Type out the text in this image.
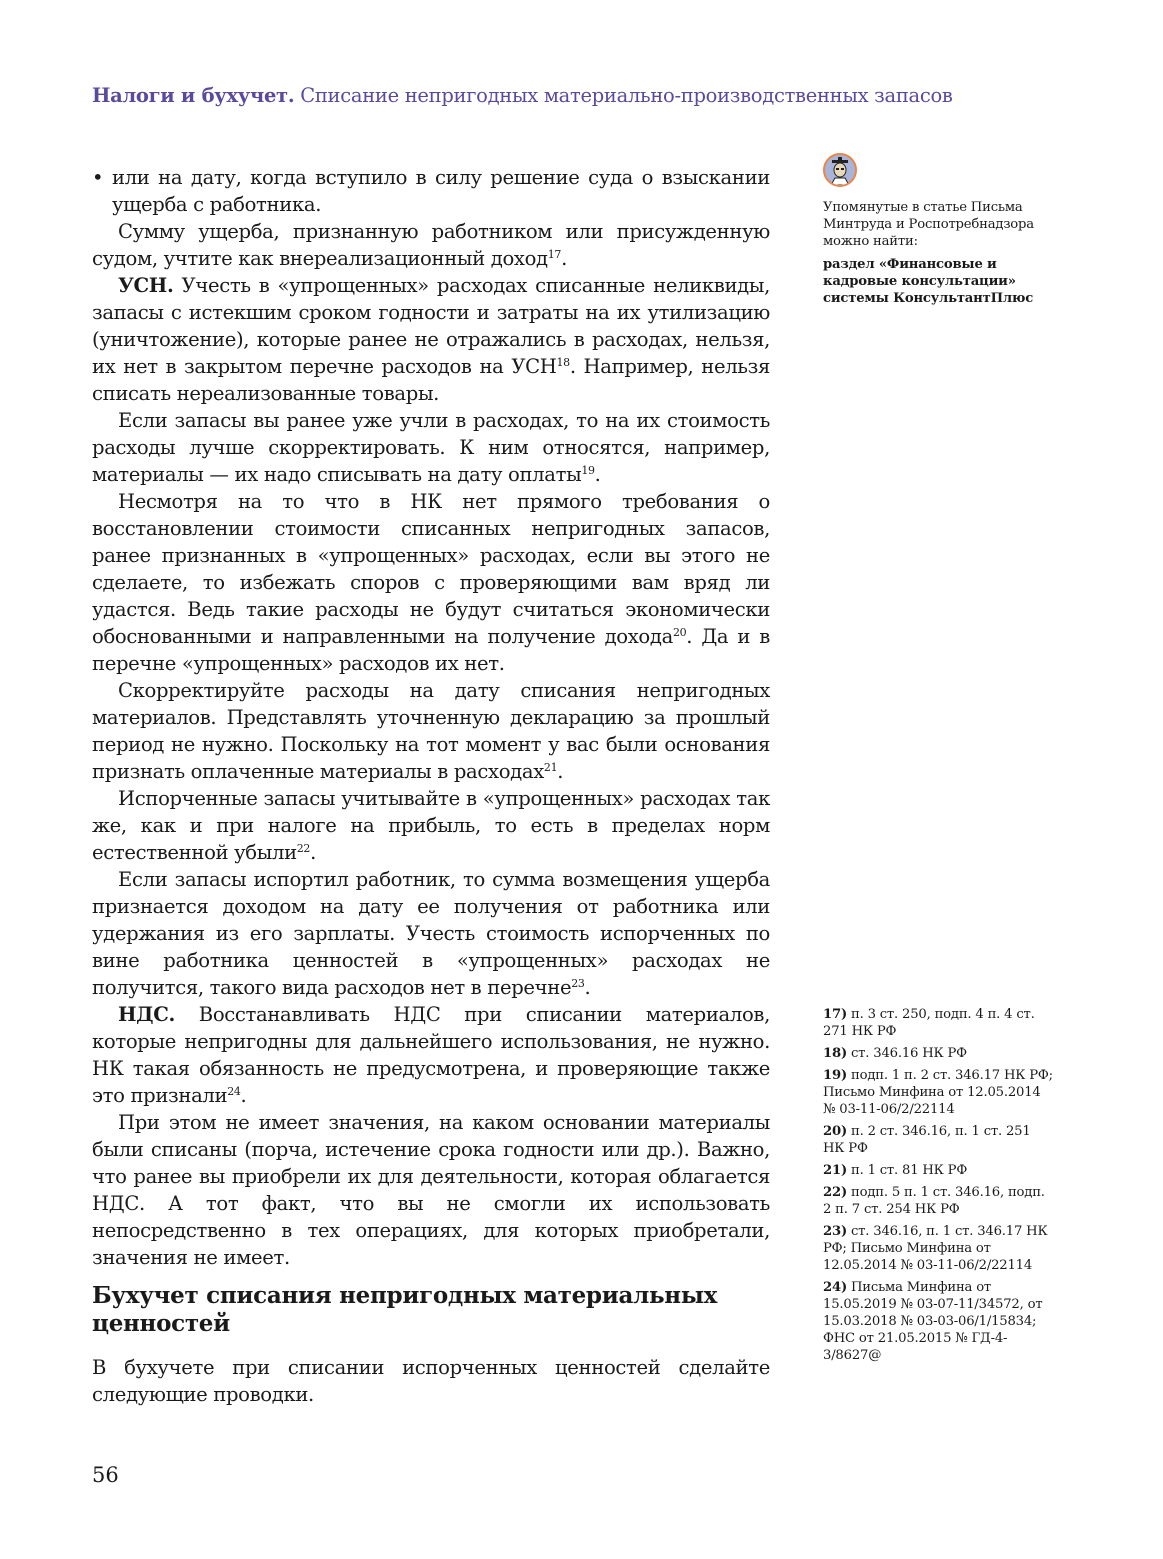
Налоги и бухучет. Списание непригодных материально-производственных запасов

• или на дату, когда вступило в силу решение суда о взыскании ущерба с работника.

Сумму ущерба, признанную работником или присужденную судом, учтите как внереализационный доход$^{17}$.

УСН. Учесть в «упрощенных» расходах списанные неликвиды, запасы с истекшим сроком годности и затраты на их утилизацию (уничтожение), которые ранее не отражались в расходах, нельзя, их нет в закрытом перечне расходов на УСН$^{18}$. Например, нельзя списать нереализованные товары.

Если запасы вы ранее уже учли в расходах, то на их стоимость расходы лучше скорректировать. К ним относятся, например, материалы — их надо списывать на дату оплаты$^{19}$.

Несмотря на то что в НК нет прямого требования о восстановлении стоимости списанных непригодных запасов, ранее признанных в «упрощенных» расходах, если вы этого не сделаете, то избежать споров с проверяющими вам вряд ли удастся. Ведь такие расходы не будут считаться экономически обоснованными и направленными на получение дохода$^{20}$. Да и в перечне «упрощенных» расходов их нет.

Скорректируйте расходы на дату списания непригодных материалов. Представлять уточненную декларацию за прошлый период не нужно. Поскольку на тот момент у вас были основания признать оплаченные материалы в расходах$^{21}$.

Испорченные запасы учитывайте в «упрощенных» расходах так же, как и при налоге на прибыль, то есть в пределах норм естественной убыли$^{22}$.

Если запасы испортил работник, то сумма возмещения ущерба признается доходом на дату ее получения от работника или удержания из его зарплаты. Учесть стоимость испорченных по вине работника ценностей в «упрощенных» расходах не получится, такого вида расходов нет в перечне$^{23}$.

НДС. Восстанавливать НДС при списании материалов, которые непригодны для дальнейшего использования, не нужно. НК такая обязанность не предусмотрена, и проверяющие также это признали$^{24}$.

При этом не имеет значения, на каком основании материалы были списаны (порча, истечение срока годности или др.). Важно, что ранее вы приобрели их для деятельности, которая облагается НДС. А тот факт, что вы не смогли их использовать непосредственно в тех операциях, для которых приобретали, значения не имеет.

Бухучет списания непригодных материальных ценностей

В бухучете при списании испорченных ценностей сделайте следующие проводки.

Упомянутые в статье Письма Минтруда и Роспотребнадзора можно найти:
раздел «Финансовые и кадровые консультации» системы КонсультантПлюс
17) п. 3 ст. 250, подп. 4 п. 4 ст. 271 НК РФ
18) ст. 346.16 НК РФ
19) подп. 1 п. 2 ст. 346.17 НК РФ; Письмо Минфина от 12.05.2014 № 03-11-06/2/22114
20) п. 2 ст. 346.16, п. 1 ст. 251 НК РФ
21) п. 1 ст. 81 НК РФ
22) подп. 5 п. 1 ст. 346.16, подп. 2 п. 7 ст. 254 НК РФ
23) ст. 346.16, п. 1 ст. 346.17 НК РФ; Письмо Минфина от 12.05.2014 № 03-11-06/2/22114
24) Письма Минфина от 15.05.2019 № 03-07-11/34572, от 15.03.2018 № 03-03-06/1/15834; ФНС от 21.05.2015 № ГД-4-3/8627@
56
